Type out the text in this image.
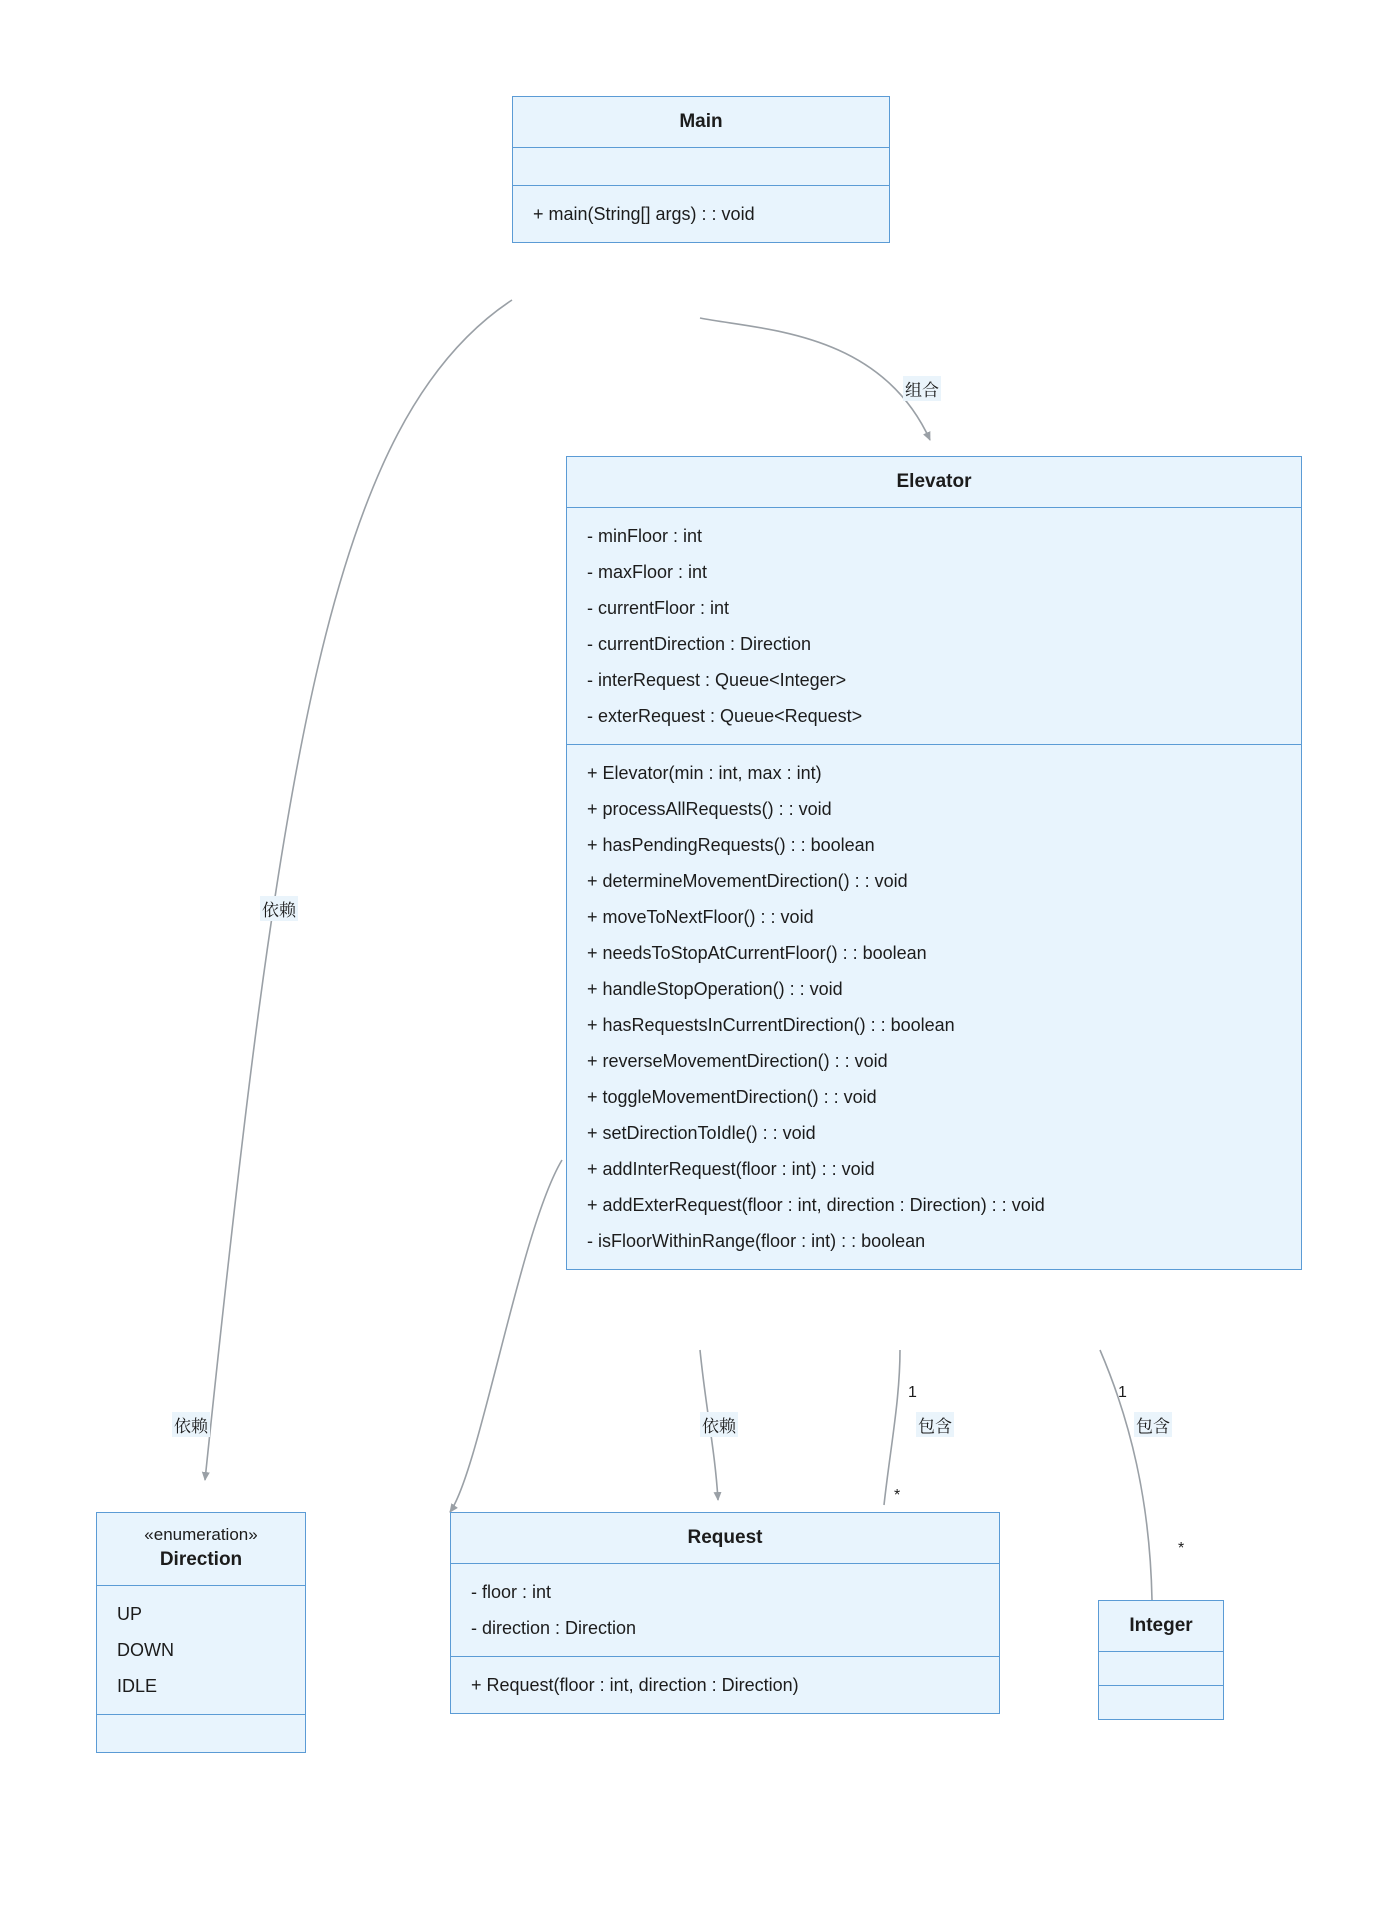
Main
+ main(String[] args) : : void
Elevator
- minFloor : int
- maxFloor : int
- currentFloor : int
- currentDirection : Direction
- interRequest : Queue<Integer>
- exterRequest : Queue<Request>
+ Elevator(min : int, max : int)
+ processAllRequests() : : void
+ hasPendingRequests() : : boolean
+ determineMovementDirection() : : void
+ moveToNextFloor() : : void
+ needsToStopAtCurrentFloor() : : boolean
+ handleStopOperation() : : void
+ hasRequestsInCurrentDirection() : : boolean
+ reverseMovementDirection() : : void
+ toggleMovementDirection() : : void
+ setDirectionToIdle() : : void
+ addInterRequest(floor : int) : : void
+ addExterRequest(floor : int, direction : Direction) : : void
- isFloorWithinRange(floor : int) : : boolean
«enumeration»
Direction
UP
DOWN
IDLE
Request
- floor : int
- direction : Direction
+ Request(floor : int, direction : Direction)
Integer
组合
依赖
依赖	依赖	包含	包含
1
*
1
*
